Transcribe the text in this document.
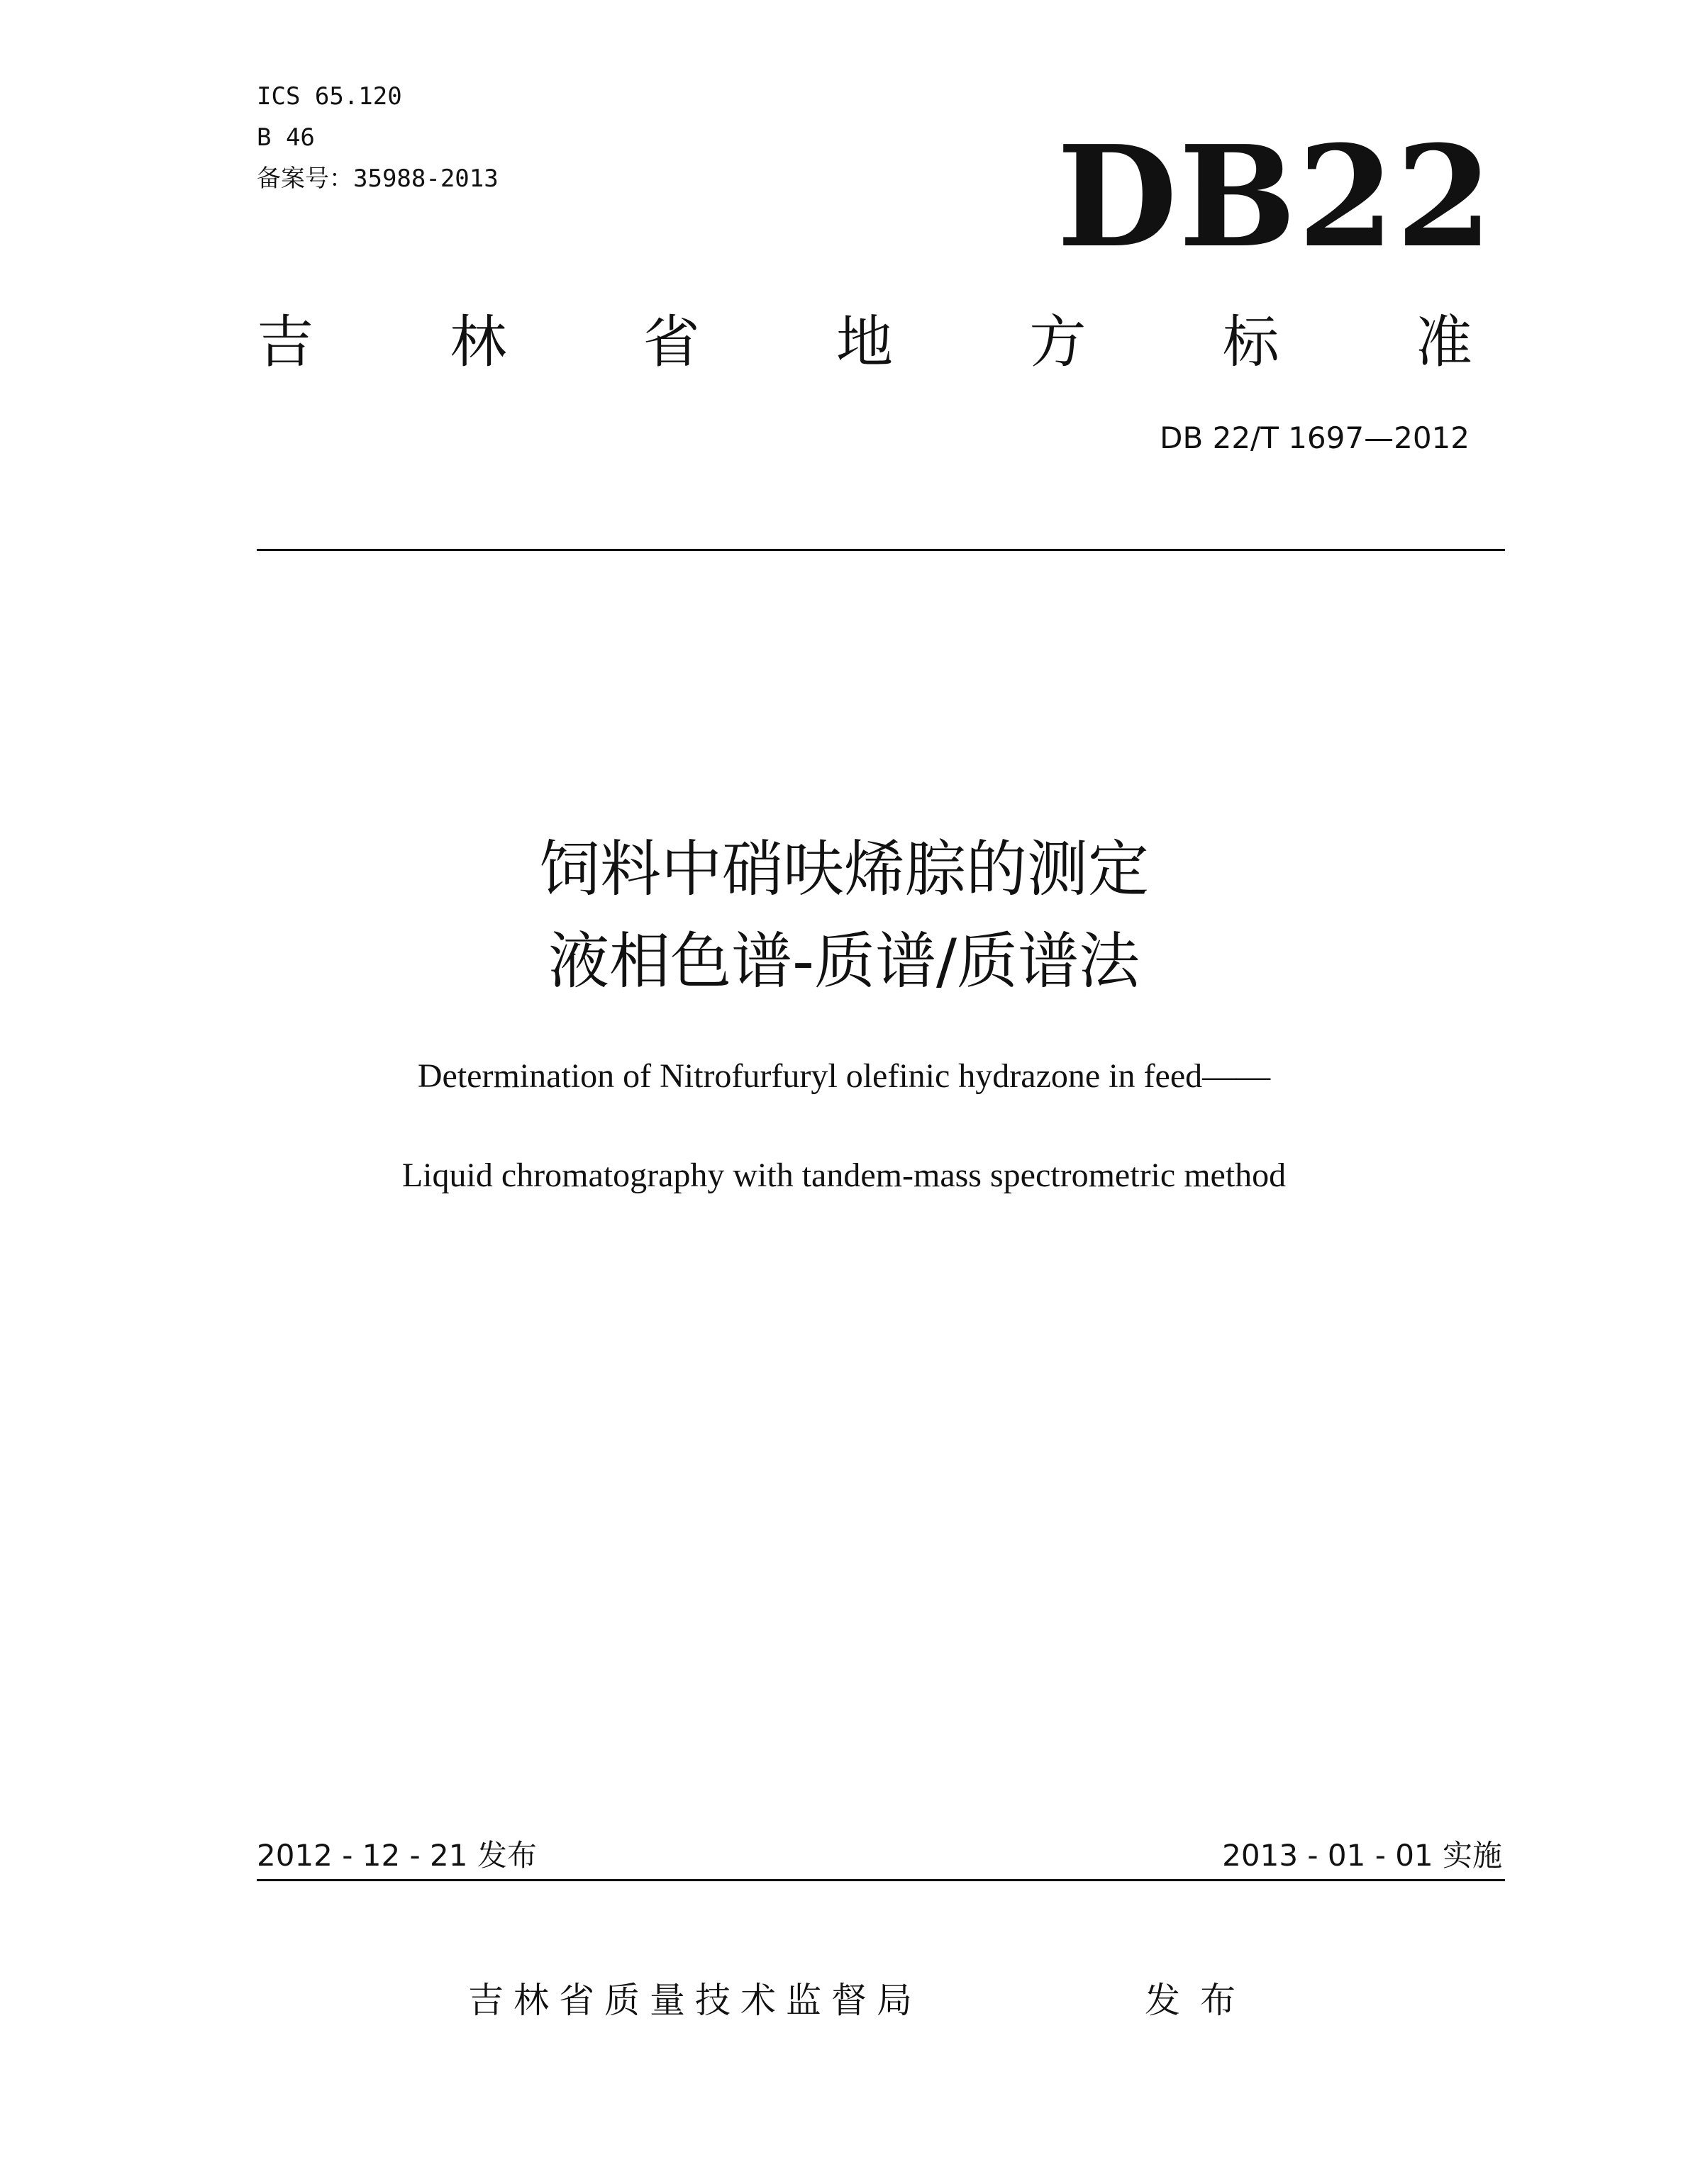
ICS 65.120
B 46
备案号：35988-2013	DB22
吉 林 省 地 方 标 准
DB 22/T 1697—2012
饲料中硝呋烯腙的测定
液相色谱-质谱/质谱法
Determination of Nitrofurfuryl olefinic hydrazone in feed——
Liquid chromatography with tandem-mass spectrometric method
2012 - 12 - 21 发布	2013 - 01 - 01 实施
吉林省质量技术监督局	发布
